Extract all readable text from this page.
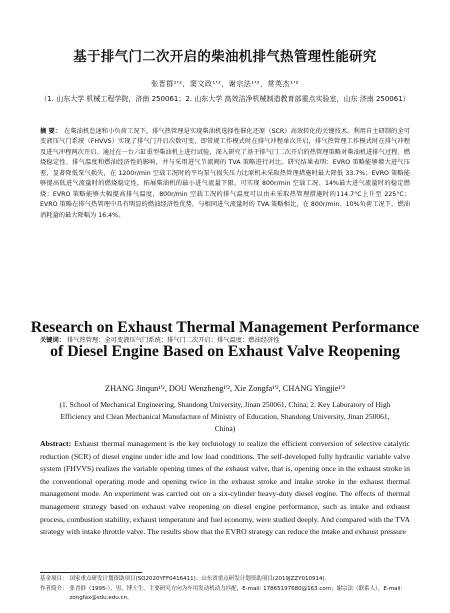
基于排气门二次开启的柴油机排气热管理性能研究
张晋群¹'²，窦文政¹'²，谢宗法¹'²，常英杰¹'²
（1. 山东大学 机械工程学院，济南 250061；2. 山东大学 高效洁净机械制造教育部重点实验室，山东 济南 250061）
摘 要： 在柴油机怠速和小负荷工况下，排气热管理是实现柴油机选择性催化还原（SCR）高效转化的关键技术。利用自主研制的全可变液压气门系统（FHVVS）实现了排气门开启次数可变，即常规工作模式时在排气冲程单次开启，排气热管理工作模式时在排气冲程及进气冲程两次开启。通过在一台六缸重型柴油机上进行试验，深入研究了基于排气门二次开启的热管理策略对柴油机进排气过程、燃烧稳定性、排气温度和燃油经济性的影响，并与采用进气节流阀的 TVA 策略进行对比。研究结果表明：EVRO 策略能够增大进气压差，显著降低泵气损失，在 1200r/min 空载工况时的平均泵气损失压力比原机未采取热管理措施时最大降低 33.7%；EVRO 策略能够提高低进气流量时的燃烧稳定性，拓展柴油机的最小进气流量下限，可实现 800r/min 空载工况、14%最大进气流量时的稳定燃烧；EVRO 策略能够大幅提高排气温度，800r/min 空载工况的排气温度可以由未采取热管理措施时的114.7°C上升至 225°C；EVRO 策略在排气热管理中具有明显的燃油经济性优势，与相同进气流量时的 TVA 策略相比，在 800r/min、10%负荷工况下，燃油消耗量的最大降幅为 16.4%。
关键词： 排气热管理；全可变液压气门系统；排气门二次开启；排气温度；燃油经济性
Research on Exhaust Thermal Management Performance of Diesel Engine Based on Exhaust Valve Reopening
ZHANG Jinqun¹'², DOU Wenzheng¹'², Xie Zongfa¹'², CHANG Yingjie¹'²
(1. School of Mechanical Engineering, Shandong University, Jinan 250061, China; 2. Key Laboratory of High Efficiency and Clean Mechanical Manufacture of Ministry of Education, Shandong University, Jinan 250061, China)
Abstract: Exhaust thermal management is the key technology to realize the efficient conversion of selective catalytic reduction (SCR) of diesel engine under idle and low load conditions. The self-developed fully hydraulic variable valve system (FHVVS) realizes the variable opening times of the exhaust valve, that is, opening once in the exhaust stroke in the conventional operating mode and opening twice in the exhaust stroke and intake stroke in the exhaust thermal management mode. An experiment was carried out on a six-cylinder heavy-duty diesel engine. The effects of thermal management strategy based on exhaust valve reopening on diesel engine performance, such as intake and exhaust process, combustion stability, exhaust temperature and fuel economy, were studied deeply. And compared with the TVA strategy with intake throttle valve. The results show that the EVRO strategy can reduce the intake and exhaust pressure
基金项目： 国家重点研发计划资助项目(SQ2020YFF0416411)；山东省重点研发计划资助项目(2019JZZY010914).
作者简介： 张晋群（1995-），男，博士生，主要研究方向为车用发动机动力匹配，E-mail: 17865197680@163.com；谢宗法（联系人），E-mail: zongfax@sdu.edu.cn。
